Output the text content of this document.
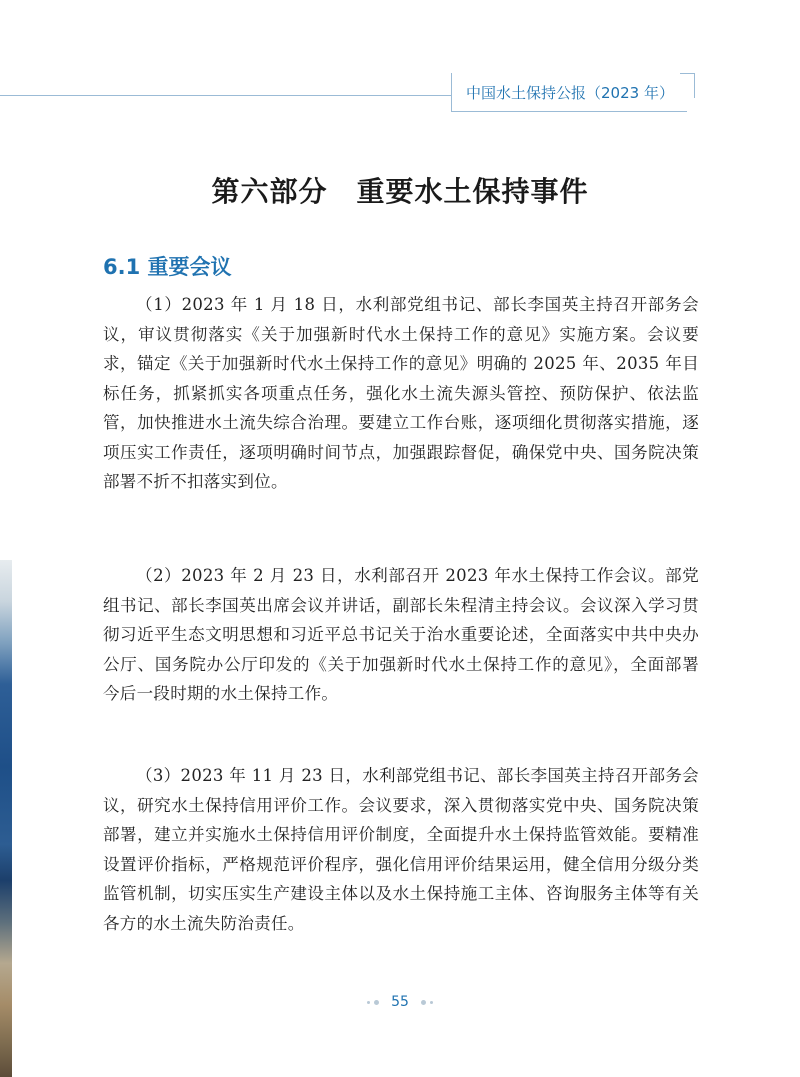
中国水土保持公报（2023 年）
第六部分　重要水土保持事件
6.1 重要会议
（1）2023 年 1 月 18 日，水利部党组书记、部长李国英主持召开部务会议，审议贯彻落实《关于加强新时代水土保持工作的意见》实施方案。会议要求，锚定《关于加强新时代水土保持工作的意见》明确的 2025 年、2035 年目标任务，抓紧抓实各项重点任务，强化水土流失源头管控、预防保护、依法监管，加快推进水土流失综合治理。要建立工作台账，逐项细化贯彻落实措施，逐项压实工作责任，逐项明确时间节点，加强跟踪督促，确保党中央、国务院决策部署不折不扣落实到位。
（2）2023 年 2 月 23 日，水利部召开 2023 年水土保持工作会议。部党组书记、部长李国英出席会议并讲话，副部长朱程清主持会议。会议深入学习贯彻习近平生态文明思想和习近平总书记关于治水重要论述，全面落实中共中央办公厅、国务院办公厅印发的《关于加强新时代水土保持工作的意见》，全面部署今后一段时期的水土保持工作。
（3）2023 年 11 月 23 日，水利部党组书记、部长李国英主持召开部务会议，研究水土保持信用评价工作。会议要求，深入贯彻落实党中央、国务院决策部署，建立并实施水土保持信用评价制度，全面提升水土保持监管效能。要精准设置评价指标，严格规范评价程序，强化信用评价结果运用，健全信用分级分类监管机制，切实压实生产建设主体以及水土保持施工主体、咨询服务主体等有关各方的水土流失防治责任。
55
